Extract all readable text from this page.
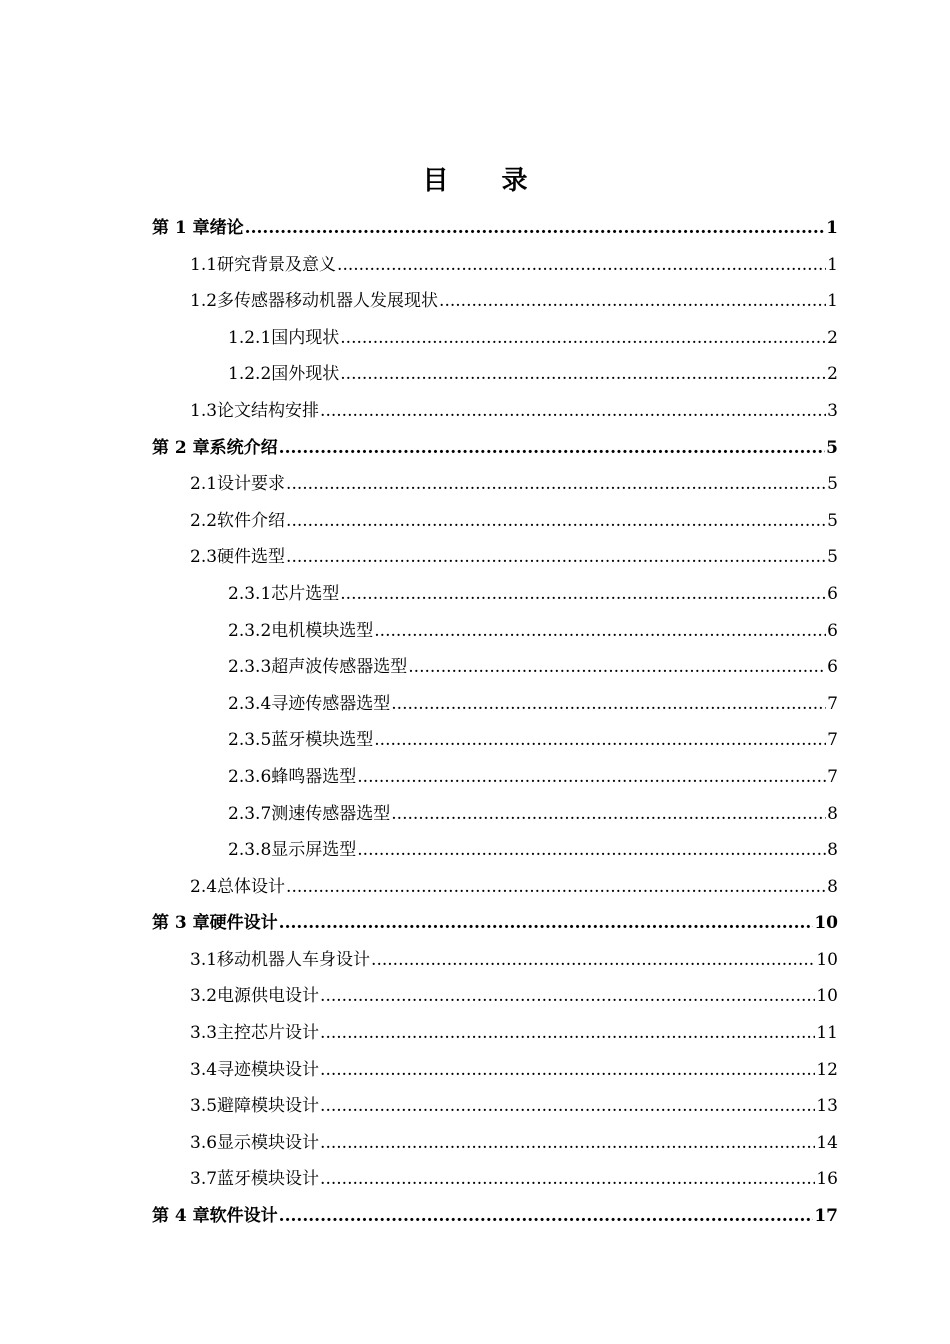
目 录
第 1 章 绪论 .....	1
1.1 研究背景及意义 .....	1
1.2 多传感器移动机器人发展现状 .....	1
1.2.1 国内现状 .....	2
1.2.2 国外现状 .....	2
1.3 论文结构安排 .....	3
第 2 章 系统介绍 .....	5
2.1 设计要求 .....	5
2.2 软件介绍 .....	5
2.3 硬件选型 .....	5
2.3.1 芯片选型 .....	6
2.3.2 电机模块选型 .....	6
2.3.3 超声波传感器选型 .....	6
2.3.4 寻迹传感器选型 .....	7
2.3.5 蓝牙模块选型 .....	7
2.3.6 蜂鸣器选型 .....	7
2.3.7 测速传感器选型 .....	8
2.3.8 显示屏选型 .....	8
2.4 总体设计 .....	8
第 3 章 硬件设计 .....	10
3.1 移动机器人车身设计 .....	10
3.2 电源供电设计 .....	10
3.3 主控芯片设计 .....	11
3.4 寻迹模块设计 .....	12
3.5 避障模块设计 .....	13
3.6 显示模块设计 .....	14
3.7 蓝牙模块设计 .....	16
第 4 章 软件设计 .....	17
